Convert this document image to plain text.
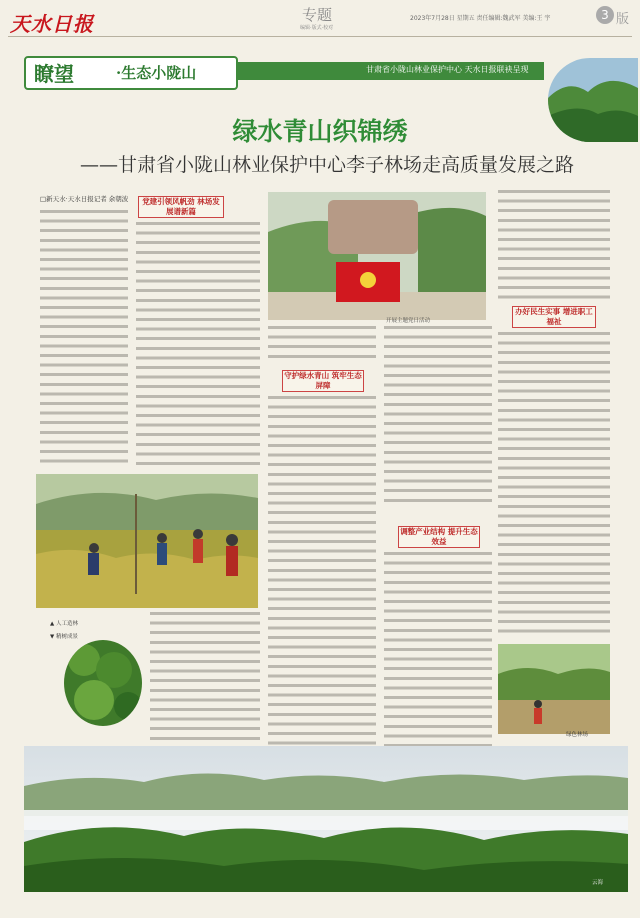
天水日报	专题
编辑·版式·校对
2023年7月28日 星期五 责任编辑:魏武军 美编:王 宇	3 版
瞭望	·生态小陇山	甘肃省小陇山林业保护中心 天水日报联袂呈现
绿水青山织锦绣
——甘肃省小陇山林业保护中心李子林场走高质量发展之路
□新天水·天水日报记者 余朝波
▲ 人工造林
▼ 精树成景
党建引领风帆劲 林场发展谱新篇
开展主题党日活动
守护绿水青山 筑牢生态屏障
调整产业结构 提升生态效益
办好民生实事 增进职工福祉
绿色林场
云海
